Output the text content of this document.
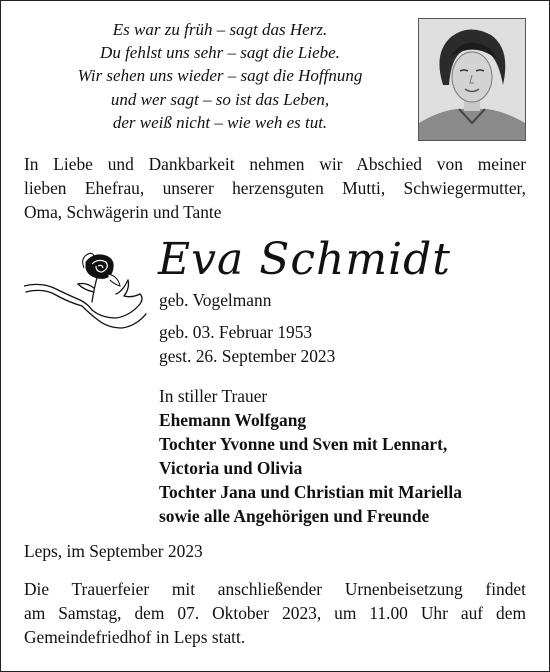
Es war zu früh – sagt das Herz.
Du fehlst uns sehr – sagt die Liebe.
Wir sehen uns wieder – sagt die Hoffnung
und wer sagt – so ist das Leben,
der weiß nicht – wie weh es tut.
In Liebe und Dankbarkeit nehmen wir Abschied von meiner
lieben Ehefrau, unserer herzensguten Mutti, Schwiegermutter,
Oma, Schwägerin und Tante
Eva Schmidt
geb. Vogelmann
geb. 03. Februar 1953
gest. 26. September 2023
In stiller Trauer
Ehemann Wolfgang
Tochter Yvonne und Sven mit Lennart,
Victoria und Olivia
Tochter Jana und Christian mit Mariella
sowie alle Angehörigen und Freunde
Leps, im September 2023
Die Trauerfeier mit anschließender Urnenbeisetzung findet
am Samstag, dem 07. Oktober 2023, um 11.00 Uhr auf dem
Gemeindefriedhof in Leps statt.
